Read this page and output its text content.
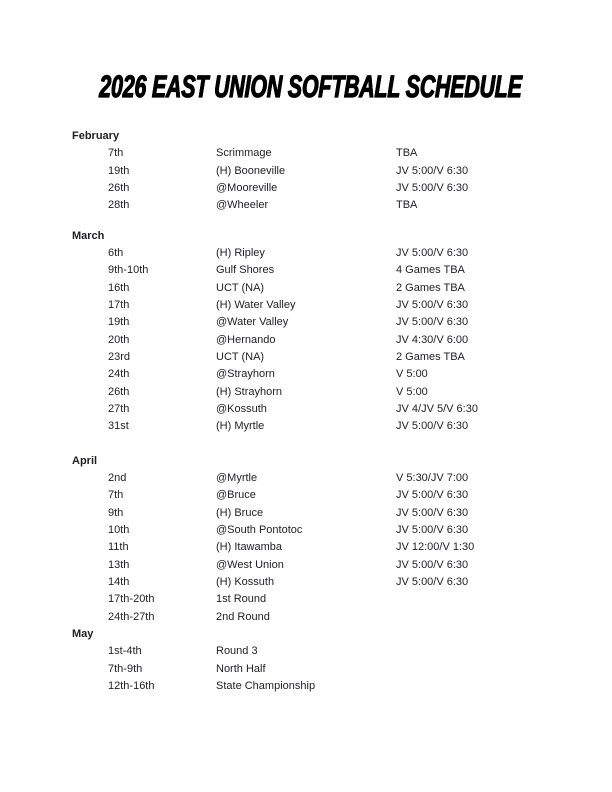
2026 EAST UNION SOFTBALL SCHEDULE
February
7th	Scrimmage	TBA
19th	(H) Booneville	JV 5:00/V 6:30
26th	@Mooreville	JV 5:00/V 6:30
28th	@Wheeler	TBA
March
6th	(H) Ripley	JV 5:00/V 6:30
9th-10th	Gulf Shores	4 Games TBA
16th	UCT (NA)	2 Games TBA
17th	(H) Water Valley	JV 5:00/V 6:30
19th	@Water Valley	JV 5:00/V 6:30
20th	@Hernando	JV 4:30/V 6:00
23rd	UCT (NA)	2 Games TBA
24th	@Strayhorn	V 5:00
26th	(H) Strayhorn	V 5:00
27th	@Kossuth	JV 4/JV 5/V 6:30
31st	(H) Myrtle	JV 5:00/V 6:30
April
2nd	@Myrtle	V 5:30/JV 7:00
7th	@Bruce	JV 5:00/V 6:30
9th	(H) Bruce	JV 5:00/V 6:30
10th	@South Pontotoc	JV 5:00/V 6:30
11th	(H) Itawamba	JV 12:00/V 1:30
13th	@West Union	JV 5:00/V 6:30
14th	(H) Kossuth	JV 5:00/V 6:30
17th-20th	1st Round
24th-27th	2nd Round
May
1st-4th	Round 3
7th-9th	North Half
12th-16th	State Championship
